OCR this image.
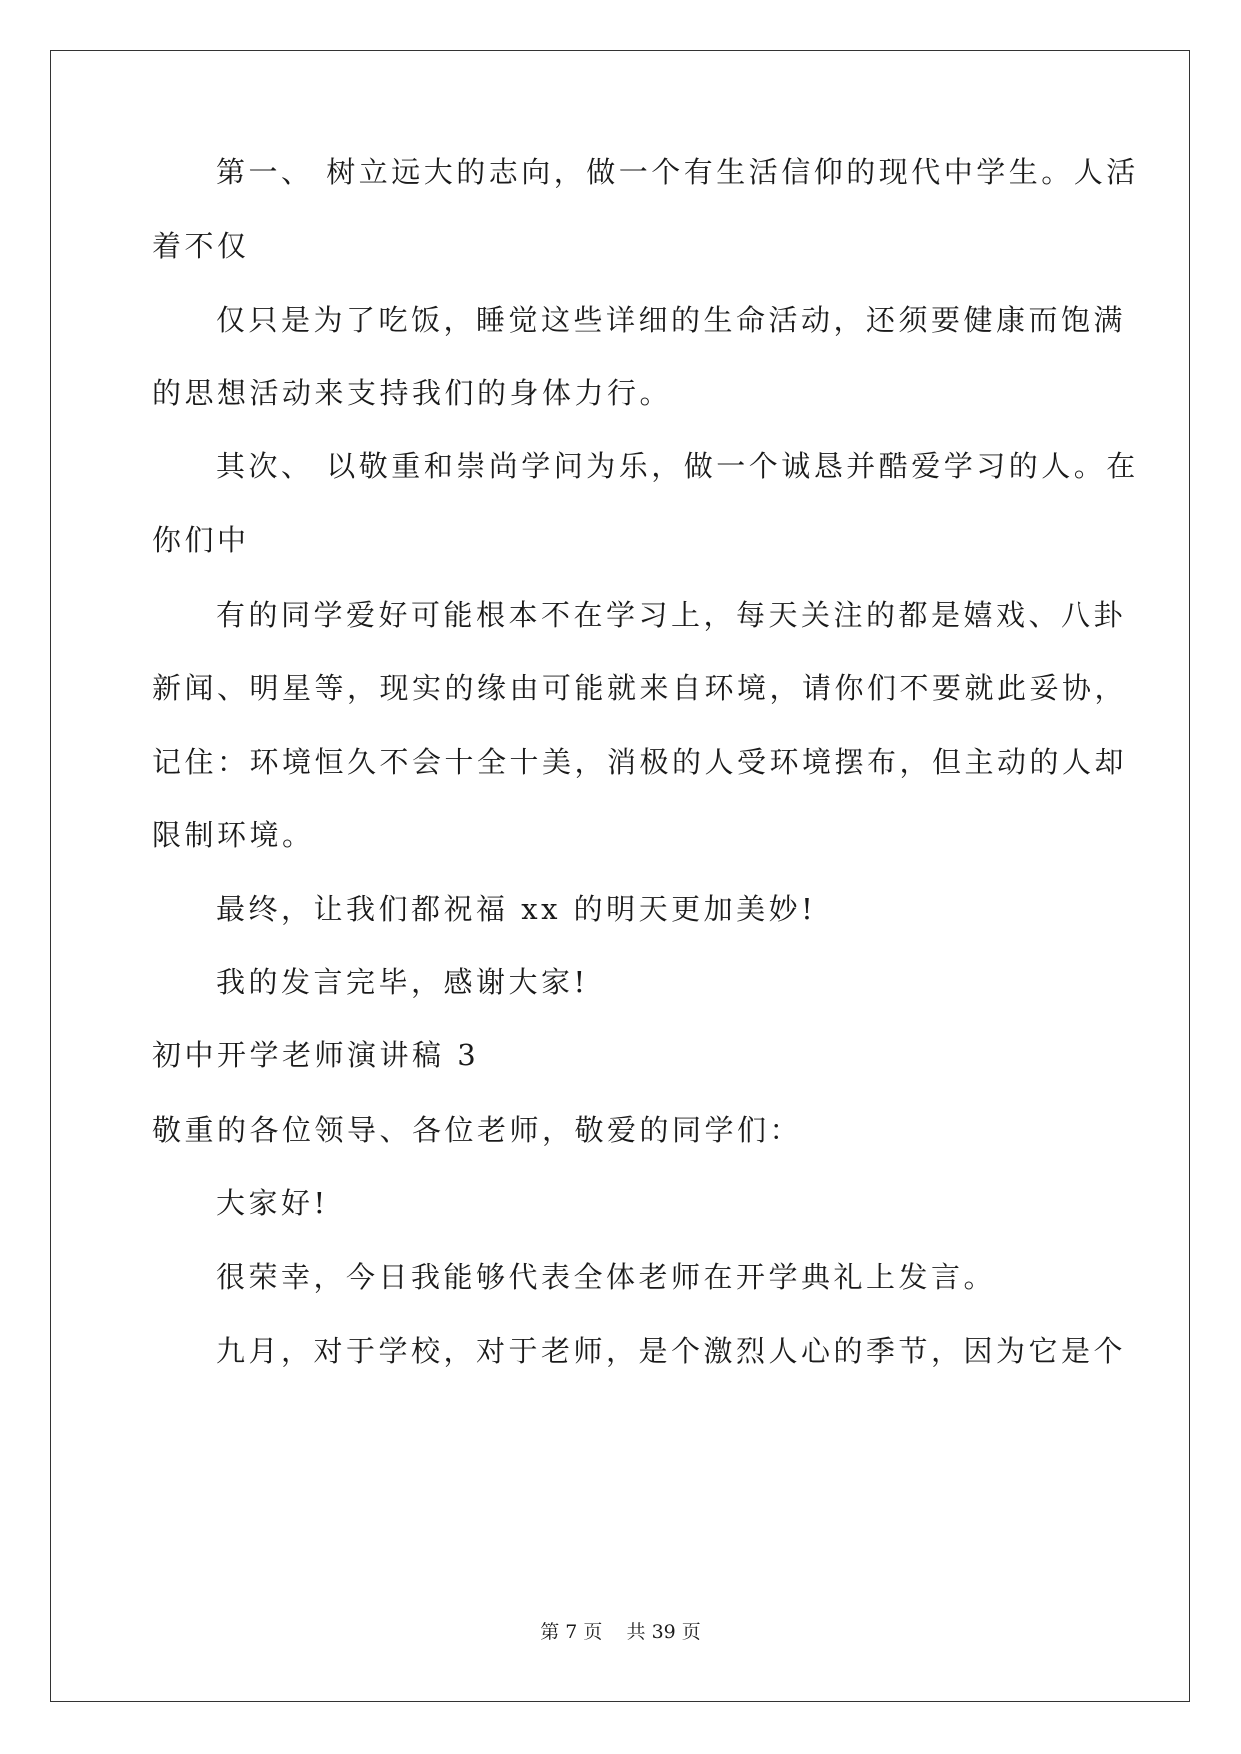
第一、 树立远大的志向，做一个有生活信仰的现代中学生。人活
着不仅
仅只是为了吃饭，睡觉这些详细的生命活动，还须要健康而饱满
的思想活动来支持我们的身体力行。
其次、 以敬重和崇尚学问为乐，做一个诚恳并酷爱学习的人。在
你们中
有的同学爱好可能根本不在学习上，每天关注的都是嬉戏、八卦
新闻、明星等，现实的缘由可能就来自环境，请你们不要就此妥协，
记住：环境恒久不会十全十美，消极的人受环境摆布，但主动的人却
限制环境。
最终，让我们都祝福 xx 的明天更加美妙!
我的发言完毕，感谢大家!
初中开学老师演讲稿 3
敬重的各位领导、各位老师，敬爱的同学们：
大家好!
很荣幸，今日我能够代表全体老师在开学典礼上发言。
九月，对于学校，对于老师，是个激烈人心的季节，因为它是个
第 7 页    共 39 页
